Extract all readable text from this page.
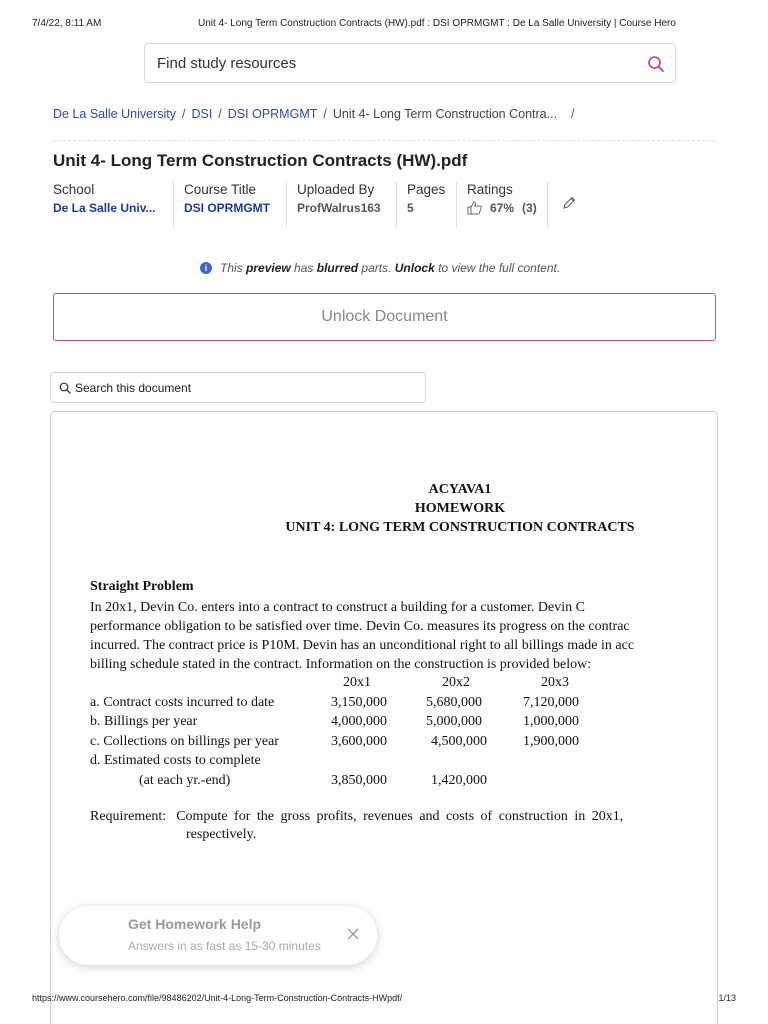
7/4/22, 8:11 AM	Unit 4- Long Term Construction Contracts (HW).pdf : DSI OPRMGMT : De La Salle University | Course Hero
Find study resources
De La Salle University / DSI / DSI OPRMGMT / Unit 4- Long Term Construction Contra... /
Unit 4- Long Term Construction Contracts (HW).pdf
School
De La Salle Univ...
Course Title
DSI OPRMGMT
Uploaded By
ProfWalrus163
Pages
5
Ratings
67% (3)
i	This preview has blurred parts. Unlock to view the full content.
Unlock Document
Search this document
ACYAVA1
HOMEWORK
UNIT 4: LONG TERM CONSTRUCTION CONTRACTS
Straight Problem
In 20x1, Devin Co. enters into a contract to construct a building for a customer. Devin C
performance obligation to be satisfied over time. Devin Co. measures its progress on the contrac
incurred. The contract price is P10M. Devin has an unconditional right to all billings made in acc
billing schedule stated in the contract. Information on the construction is provided below:
20x1	20x2	20x3
a. Contract costs incurred to date	3,150,000	5,680,000	7,120,000
b. Billings per year	4,000,000	5,000,000	1,000,000
c. Collections on billings per year	3,600,000	4,500,000	1,900,000
d. Estimated costs to complete
(at each yr.-end)	3,850,000	1,420,000
Requirement: Compute for the gross profits, revenues and costs of construction in 20x1,
respectively.
Get Homework Help
Answers in as fast as 15-30 minutes
https://www.coursehero.com/file/98486202/Unit-4-Long-Term-Construction-Contracts-HWpdf/	1/13
